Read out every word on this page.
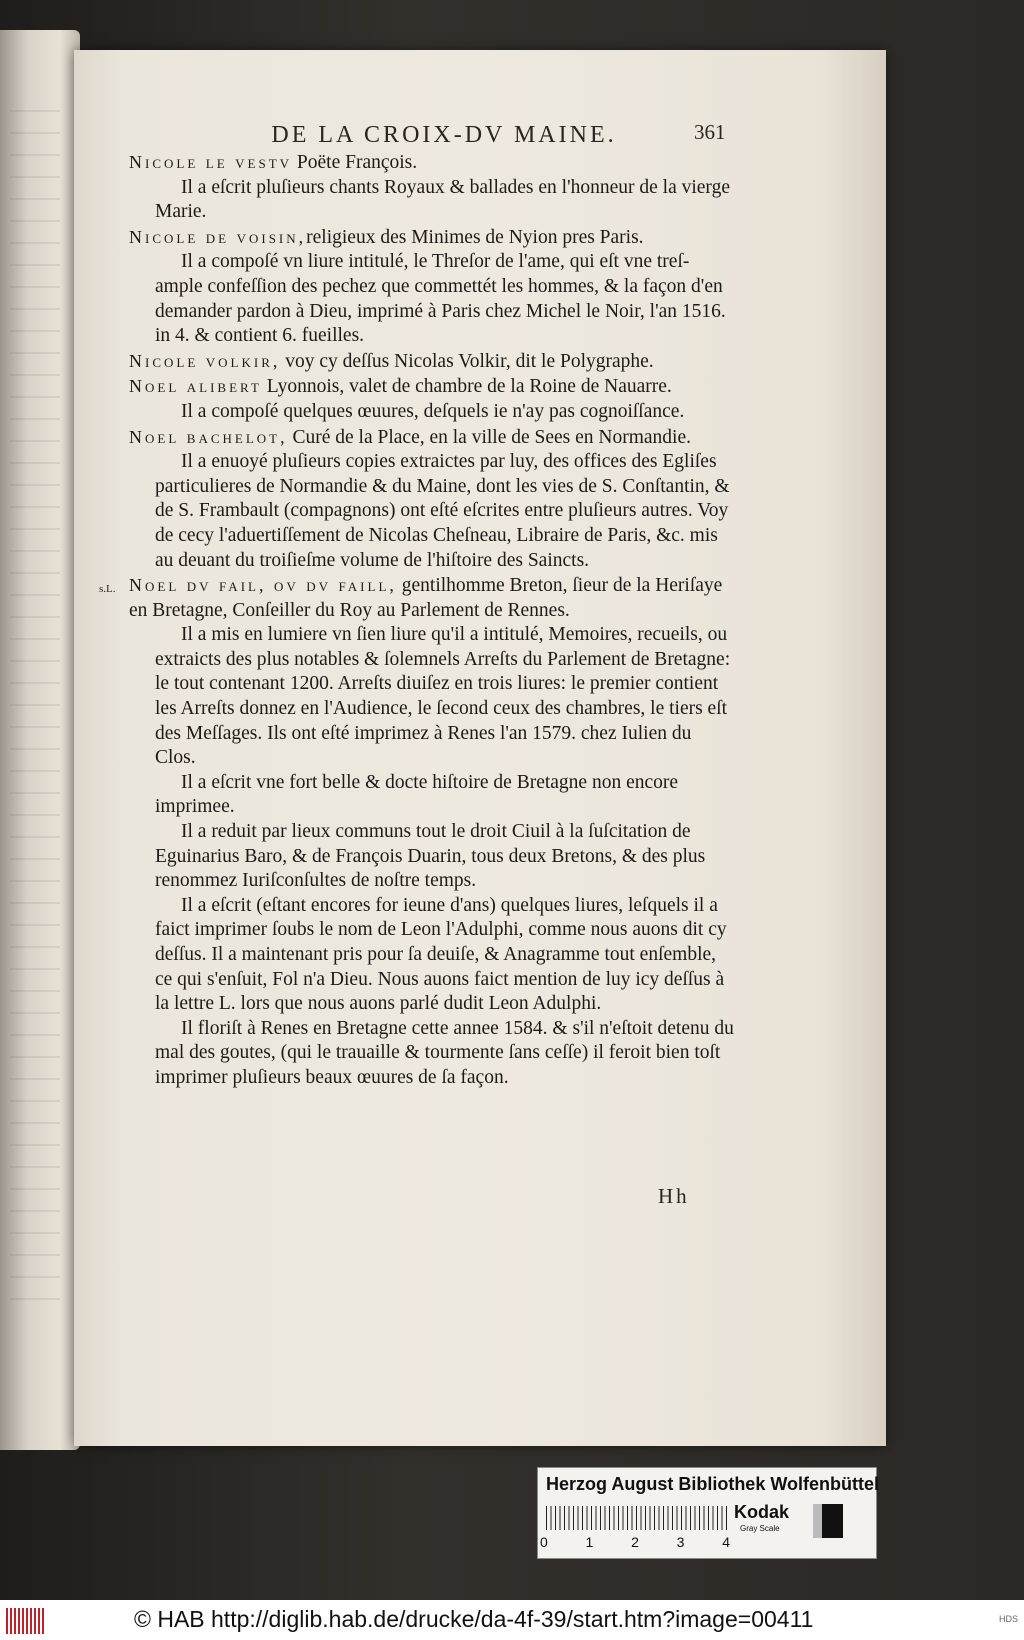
DE LA CROIX-DV MAINE.	361
Nicole le vestv Poëte François.
Il a eſcrit pluſieurs chants Royaux & ballades en l'honneur de la vierge Marie.
Nicole de voisin,religieux des Minimes de Nyion pres Paris.
Il a compoſé vn liure intitulé, le Threſor de l'ame, qui eſt vne treſ-ample confeſſion des pechez que commettét les hommes, & la façon d'en demander pardon à Dieu, imprimé à Paris chez Michel le Noir, l'an 1516. in 4. & contient 6. fueilles.
Nicole volkir, voy cy deſſus Nicolas Volkir, dit le Polygraphe.
Noel alibert Lyonnois, valet de chambre de la Roine de Nauarre.
Il a compoſé quelques œuures, deſquels ie n'ay pas cognoiſſance.
Noel bachelot, Curé de la Place, en la ville de Sees en Normandie.
Il a enuoyé pluſieurs copies extraictes par luy, des offices des Egliſes particulieres de Normandie & du Maine, dont les vies de S. Conſtantin, & de S. Frambault (compagnons) ont eſté eſcrites entre pluſieurs autres. Voy de cecy l'aduertiſſement de Nicolas Cheſneau, Libraire de Paris, &c. mis au deuant du troiſieſme volume de l'hiſtoire des Saincts.
s.L. Noel dv fail, ov dv faill, gentilhomme Breton, ſieur de la Heriſaye en Bretagne, Conſeiller du Roy au Parlement de Rennes.
Il a mis en lumiere vn ſien liure qu'il a intitulé, Memoires, recueils, ou extraicts des plus notables & ſolemnels Arreſts du Parlement de Bretagne: le tout contenant 1200. Arreſts diuiſez en trois liures: le premier contient les Arreſts donnez en l'Audience, le ſecond ceux des chambres, le tiers eſt des Meſſages. Ils ont eſté imprimez à Renes l'an 1579. chez Iulien du Clos.
Il a eſcrit vne fort belle & docte hiſtoire de Bretagne non encore imprimee.
Il a reduit par lieux communs tout le droit Ciuil à la ſuſcitation de Eguinarius Baro, & de François Duarin, tous deux Bretons, & des plus renommez Iuriſconſultes de noſtre temps.
Il a eſcrit (eſtant encores for ieune d'ans) quelques liures, leſquels il a faict imprimer ſoubs le nom de Leon l'Adulphi, comme nous auons dit cy deſſus. Il a maintenant pris pour ſa deuiſe, & Anagramme tout enſemble, ce qui s'enſuit, Fol n'a Dieu. Nous auons faict mention de luy icy deſſus à la lettre L. lors que nous auons parlé dudit Leon Adulphi.
Il floriſt à Renes en Bretagne cette annee 1584. & s'il n'eſtoit detenu du mal des goutes, (qui le trauaille & tourmente ſans ceſſe) il feroit bien toſt imprimer pluſieurs beaux œuures de ſa façon.
Hh
Herzog August Bibliothek Wolfenbüttel
0	1	2	3	4
Kodak
Gray Scale
© HAB http://diglib.hab.de/drucke/da-4f-39/start.htm?image=00411	HDS
